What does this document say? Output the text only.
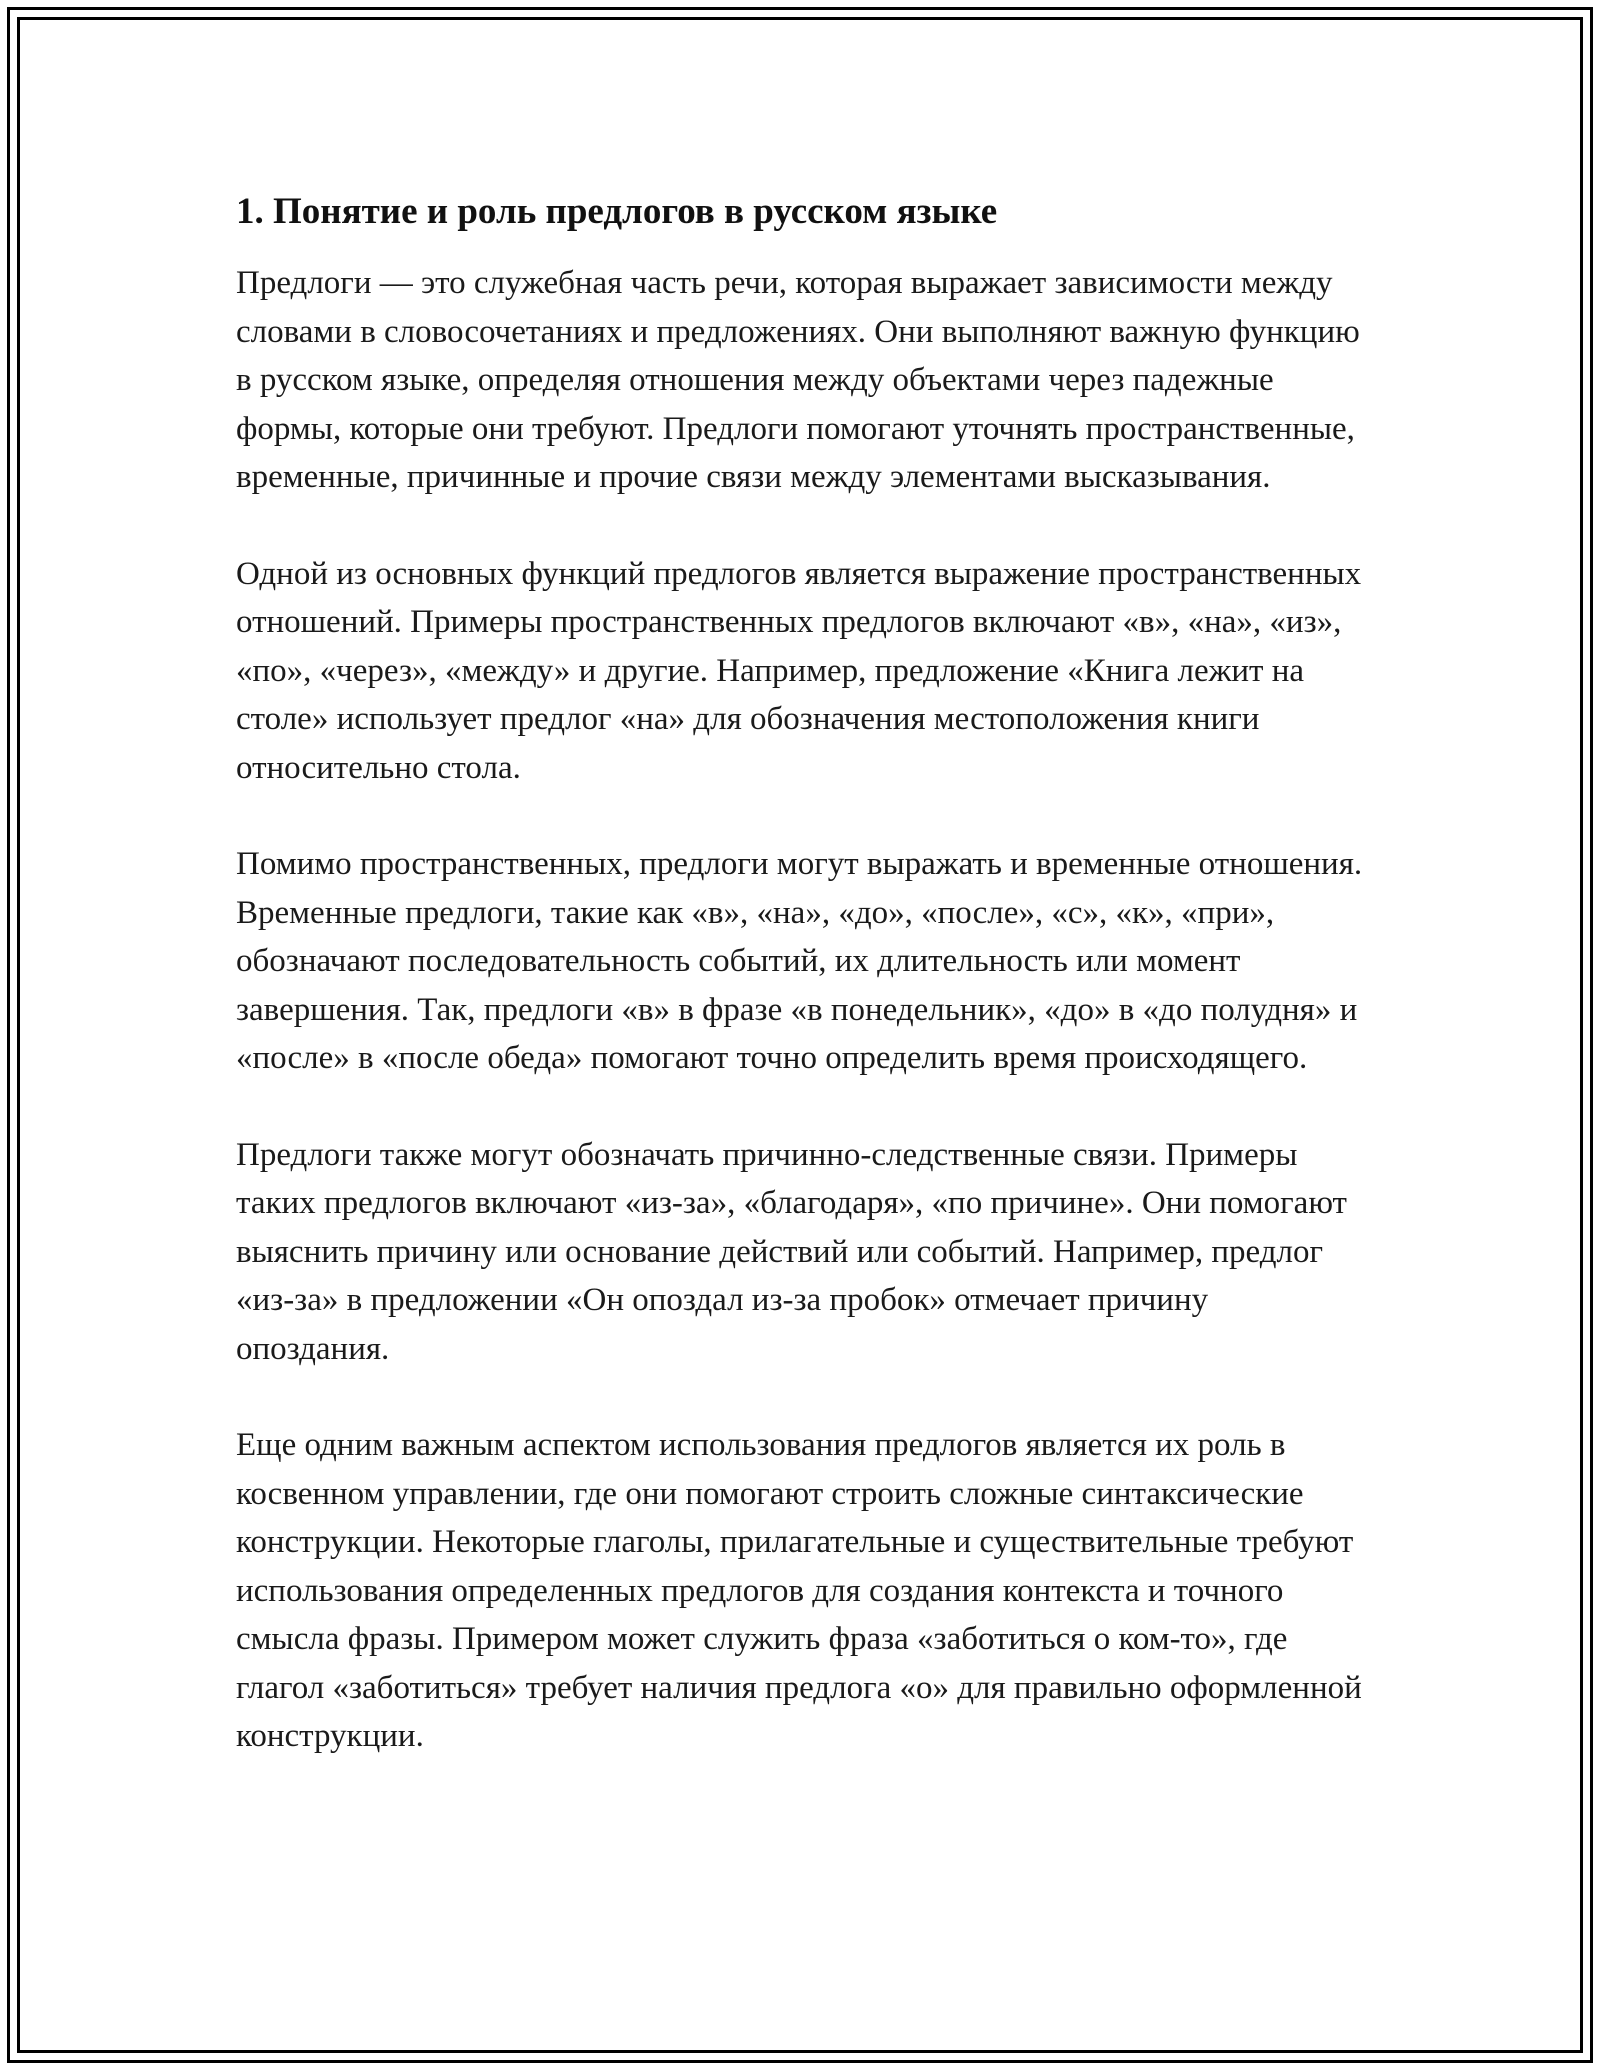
1. Понятие и роль предлогов в русском языке

Предлоги — это служебная часть речи, которая выражает зависимости между словами в словосочетаниях и предложениях. Они выполняют важную функцию в русском языке, определяя отношения между объектами через падежные формы, которые они требуют. Предлоги помогают уточнять пространственные, временные, причинные и прочие связи между элементами высказывания.

Одной из основных функций предлогов является выражение пространственных отношений. Примеры пространственных предлогов включают «в», «на», «из», «по», «через», «между» и другие. Например, предложение «Книга лежит на столе» использует предлог «на» для обозначения местоположения книги относительно стола.

Помимо пространственных, предлоги могут выражать и временные отношения. Временные предлоги, такие как «в», «на», «до», «после», «с», «к», «при», обозначают последовательность событий, их длительность или момент завершения. Так, предлоги «в» в фразе «в понедельник», «до» в «до полудня» и «после» в «после обеда» помогают точно определить время происходящего.

Предлоги также могут обозначать причинно-следственные связи. Примеры таких предлогов включают «из-за», «благодаря», «по причине». Они помогают выяснить причину или основание действий или событий. Например, предлог «из-за» в предложении «Он опоздал из-за пробок» отмечает причину опоздания.

Еще одним важным аспектом использования предлогов является их роль в косвенном управлении, где они помогают строить сложные синтаксические конструкции. Некоторые глаголы, прилагательные и существительные требуют использования определенных предлогов для создания контекста и точного смысла фразы. Примером может служить фраза «заботиться о ком-то», где глагол «заботиться» требует наличия предлога «о» для правильно оформленной конструкции.
